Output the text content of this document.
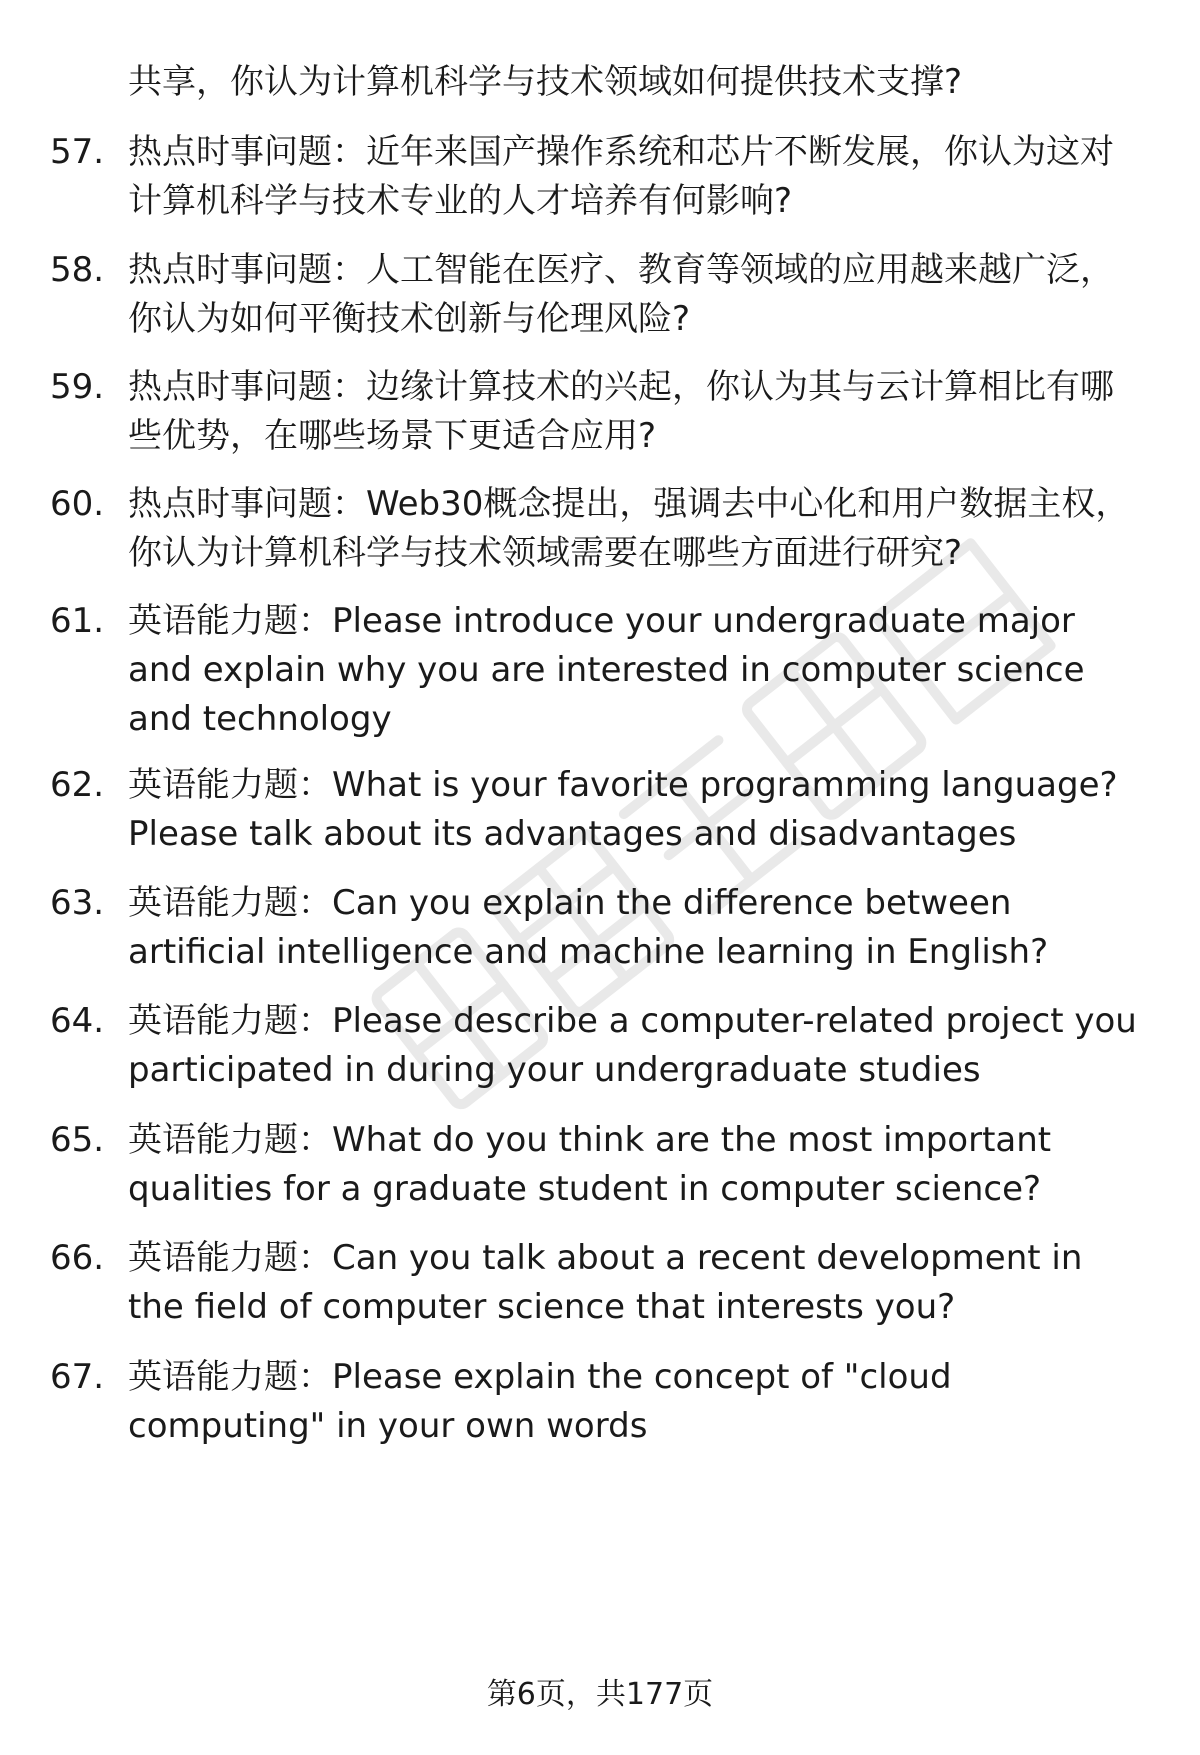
共享，你认为计算机科学与技术领域如何提供技术支撑?
57. 热点时事问题：近年来国产操作系统和芯片不断发展，你认为这对计算机科学与技术专业的人才培养有何影响?
58. 热点时事问题：人工智能在医疗、教育等领域的应用越来越广泛，你认为如何平衡技术创新与伦理风险?
59. 热点时事问题：边缘计算技术的兴起，你认为其与云计算相比有哪些优势，在哪些场景下更适合应用?
60. 热点时事问题：Web30概念提出，强调去中心化和用户数据主权，你认为计算机科学与技术领域需要在哪些方面进行研究?
61. 英语能力题：Please introduce your undergraduate major and explain why you are interested in computer science and technology
62. 英语能力题：What is your favorite programming language? Please talk about its advantages and disadvantages
63. 英语能力题：Can you explain the difference between artificial intelligence and machine learning in English?
64. 英语能力题：Please describe a computer-related project you participated in during your undergraduate studies
65. 英语能力题：What do you think are the most important qualities for a graduate student in computer science?
66. 英语能力题：Can you talk about a recent development in the field of computer science that interests you?
67. 英语能力题：Please explain the concept of "cloud computing" in your own words
第6页，共177页
